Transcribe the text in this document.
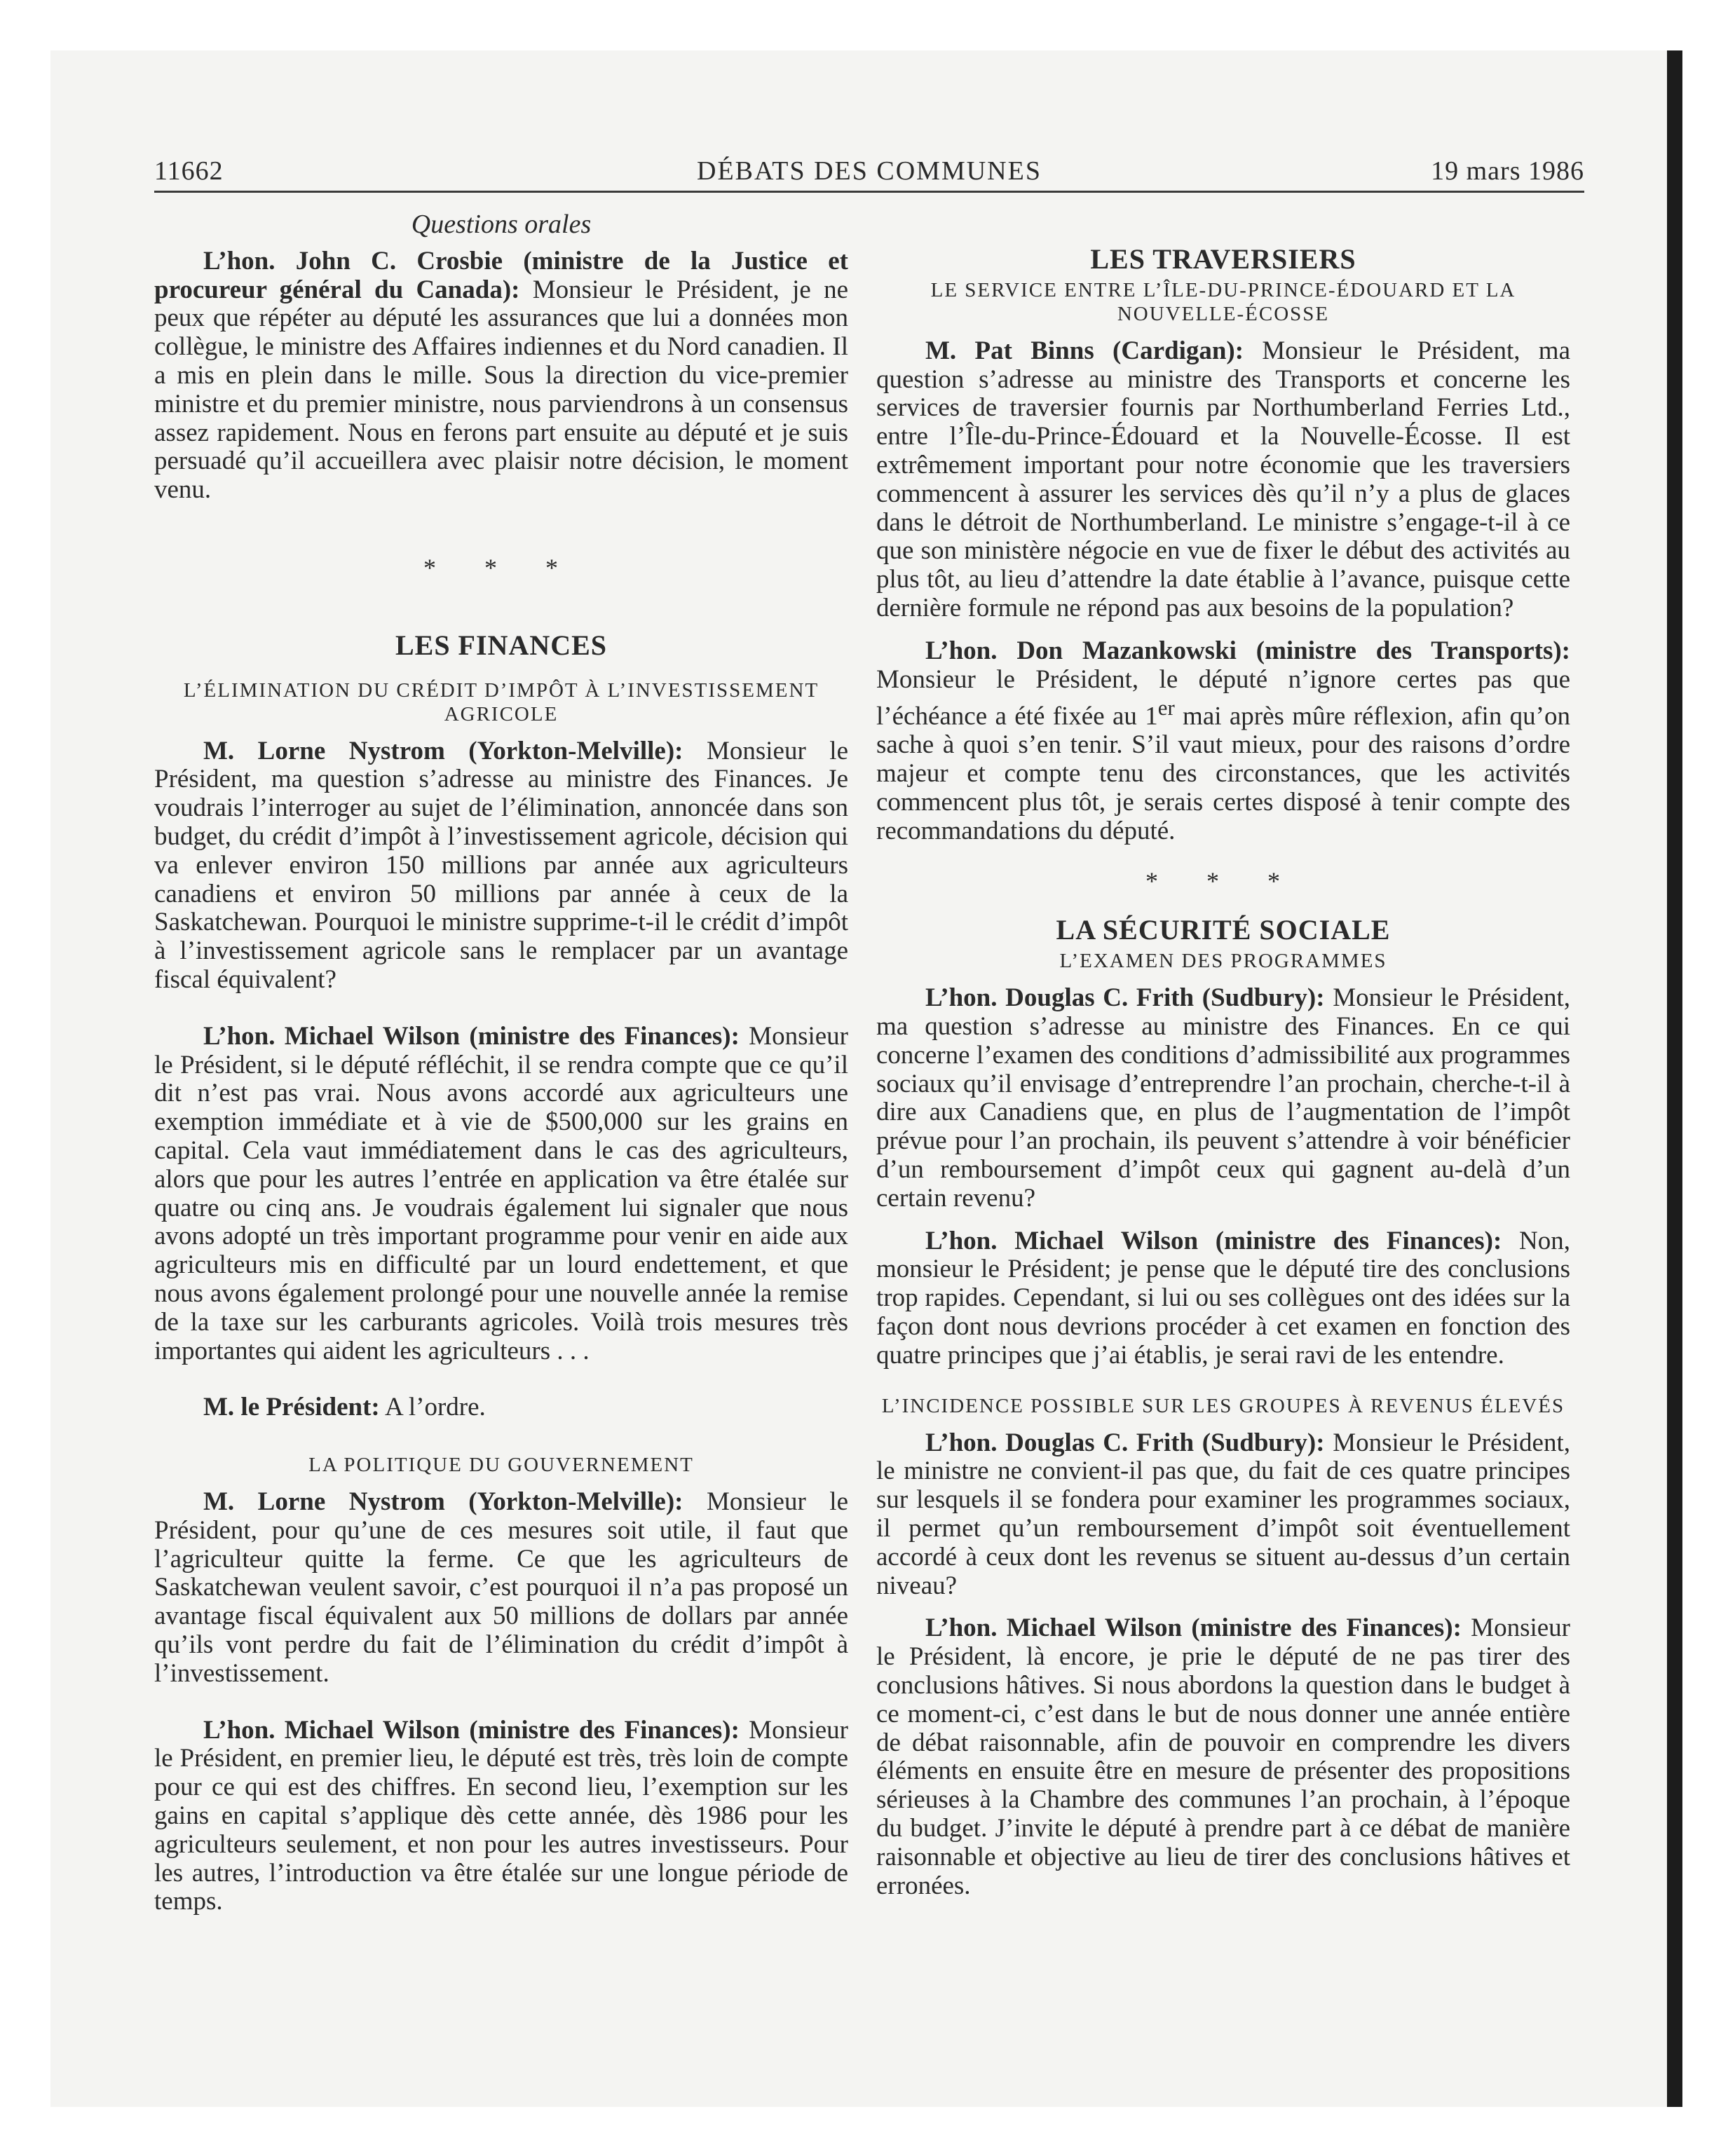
11662	DÉBATS DES COMMUNES	19 mars 1986

Questions orales

L’hon. John C. Crosbie (ministre de la Justice et procureur général du Canada): Monsieur le Président, je ne peux que répéter au député les assurances que lui a données mon collègue, le ministre des Affaires indiennes et du Nord canadien. Il a mis en plein dans le mille. Sous la direction du vice-premier ministre et du premier ministre, nous parviendrons à un consensus assez rapidement. Nous en ferons part ensuite au député et je suis persuadé qu’il accueillera avec plaisir notre décision, le moment venu.

* * *

LES FINANCES

L’ÉLIMINATION DU CRÉDIT D’IMPÔT À L’INVESTISSEMENT AGRICOLE

M. Lorne Nystrom (Yorkton-Melville): Monsieur le Président, ma question s’adresse au ministre des Finances. Je voudrais l’interroger au sujet de l’élimination, annoncée dans son budget, du crédit d’impôt à l’investissement agricole, décision qui va enlever environ 150 millions par année aux agriculteurs canadiens et environ 50 millions par année à ceux de la Saskatchewan. Pourquoi le ministre supprime-t-il le crédit d’impôt à l’investissement agricole sans le remplacer par un avantage fiscal équivalent?

L’hon. Michael Wilson (ministre des Finances): Monsieur le Président, si le député réfléchit, il se rendra compte que ce qu’il dit n’est pas vrai. Nous avons accordé aux agriculteurs une exemption immédiate et à vie de $500,000 sur les grains en capital. Cela vaut immédiatement dans le cas des agriculteurs, alors que pour les autres l’entrée en application va être étalée sur quatre ou cinq ans. Je voudrais également lui signaler que nous avons adopté un très important programme pour venir en aide aux agriculteurs mis en difficulté par un lourd endettement, et que nous avons également prolongé pour une nouvelle année la remise de la taxe sur les carburants agricoles. Voilà trois mesures très importantes qui aident les agriculteurs . . .

M. le Président: A l’ordre.

LA POLITIQUE DU GOUVERNEMENT

M. Lorne Nystrom (Yorkton-Melville): Monsieur le Président, pour qu’une de ces mesures soit utile, il faut que l’agriculteur quitte la ferme. Ce que les agriculteurs de Saskatchewan veulent savoir, c’est pourquoi il n’a pas proposé un avantage fiscal équivalent aux 50 millions de dollars par année qu’ils vont perdre du fait de l’élimination du crédit d’impôt à l’investissement.

L’hon. Michael Wilson (ministre des Finances): Monsieur le Président, en premier lieu, le député est très, très loin de compte pour ce qui est des chiffres. En second lieu, l’exemption sur les gains en capital s’applique dès cette année, dès 1986 pour les agriculteurs seulement, et non pour les autres investisseurs. Pour les autres, l’introduction va être étalée sur une longue période de temps.

LES TRAVERSIERS

LE SERVICE ENTRE L’ÎLE-DU-PRINCE-ÉDOUARD ET LA NOUVELLE-ÉCOSSE

M. Pat Binns (Cardigan): Monsieur le Président, ma question s’adresse au ministre des Transports et concerne les services de traversier fournis par Northumberland Ferries Ltd., entre l’Île-du-Prince-Édouard et la Nouvelle-Écosse. Il est extrêmement important pour notre économie que les traversiers commencent à assurer les services dès qu’il n’y a plus de glaces dans le détroit de Northumberland. Le ministre s’engage-t-il à ce que son ministère négocie en vue de fixer le début des activités au plus tôt, au lieu d’attendre la date établie à l’avance, puisque cette dernière formule ne répond pas aux besoins de la population?

L’hon. Don Mazankowski (ministre des Transports): Monsieur le Président, le député n’ignore certes pas que l’échéance a été fixée au 1er mai après mûre réflexion, afin qu’on sache à quoi s’en tenir. S’il vaut mieux, pour des raisons d’ordre majeur et compte tenu des circonstances, que les activités commencent plus tôt, je serais certes disposé à tenir compte des recommandations du député.

* * *

LA SÉCURITÉ SOCIALE

L’EXAMEN DES PROGRAMMES

L’hon. Douglas C. Frith (Sudbury): Monsieur le Président, ma question s’adresse au ministre des Finances. En ce qui concerne l’examen des conditions d’admissibilité aux programmes sociaux qu’il envisage d’entreprendre l’an prochain, cherche-t-il à dire aux Canadiens que, en plus de l’augmentation de l’impôt prévue pour l’an prochain, ils peuvent s’attendre à voir bénéficier d’un remboursement d’impôt ceux qui gagnent au-delà d’un certain revenu?

L’hon. Michael Wilson (ministre des Finances): Non, monsieur le Président; je pense que le député tire des conclusions trop rapides. Cependant, si lui ou ses collègues ont des idées sur la façon dont nous devrions procéder à cet examen en fonction des quatre principes que j’ai établis, je serai ravi de les entendre.

L’INCIDENCE POSSIBLE SUR LES GROUPES À REVENUS ÉLEVÉS

L’hon. Douglas C. Frith (Sudbury): Monsieur le Président, le ministre ne convient-il pas que, du fait de ces quatre principes sur lesquels il se fondera pour examiner les programmes sociaux, il permet qu’un remboursement d’impôt soit éventuellement accordé à ceux dont les revenus se situent au-dessus d’un certain niveau?

L’hon. Michael Wilson (ministre des Finances): Monsieur le Président, là encore, je prie le député de ne pas tirer des conclusions hâtives. Si nous abordons la question dans le budget à ce moment-ci, c’est dans le but de nous donner une année entière de débat raisonnable, afin de pouvoir en comprendre les divers éléments en ensuite être en mesure de présenter des propositions sérieuses à la Chambre des communes l’an prochain, à l’époque du budget. J’invite le député à prendre part à ce débat de manière raisonnable et objective au lieu de tirer des conclusions hâtives et erronées.
